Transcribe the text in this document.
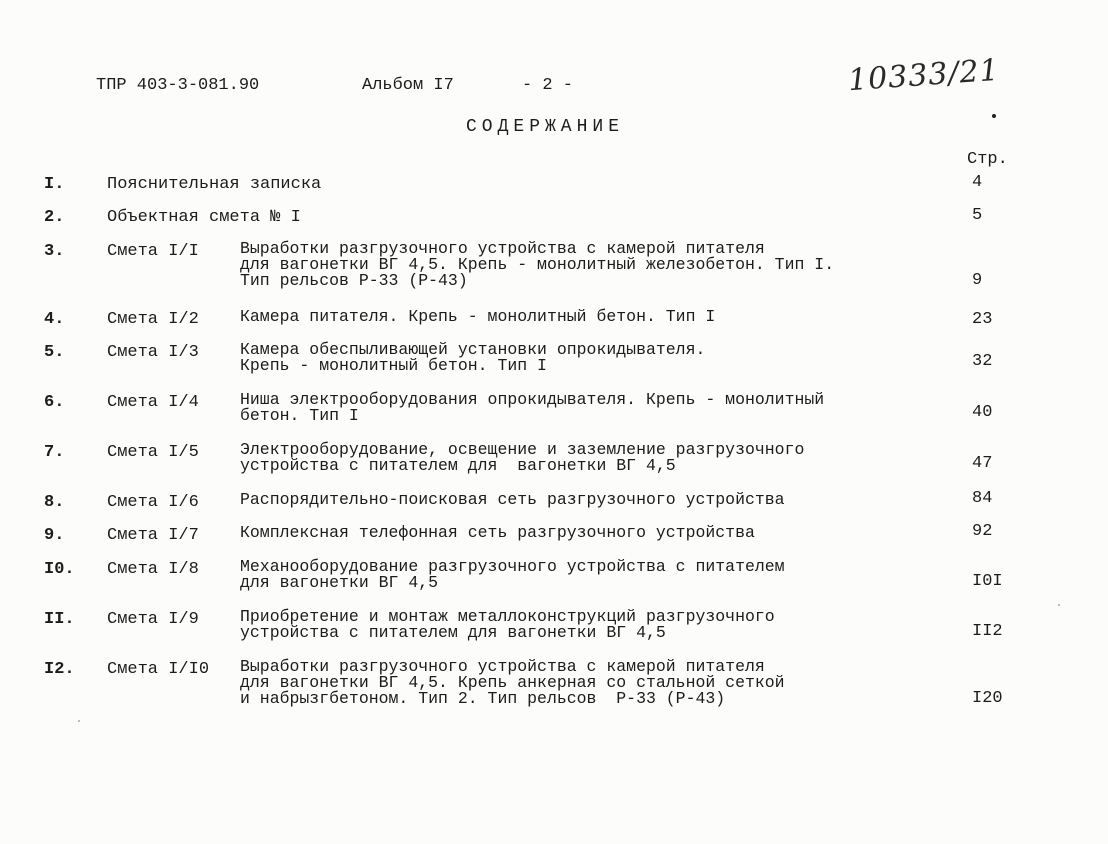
ТПР 403-3-081.90	Альбом I7	- 2 -	10333/21
СОДЕРЖАНИЕ
Стр.
I.	Пояснительная записка	4
2.	Объектная смета № I	5
3.	Смета I/I Выработки разгрузочного устройства с камерой питателя
для вагонетки ВГ 4,5. Крепь - монолитный железобетон. Тип I.
Тип рельсов Р-33 (Р-43)	9
4.	Смета I/2 Камера питателя. Крепь - монолитный бетон. Тип I	23
5.	Смета I/3 Камера обеспыливающей установки опрокидывателя.
Крепь - монолитный бетон. Тип I	32
6.	Смета I/4 Ниша электрооборудования опрокидывателя. Крепь - монолитный
бетон. Тип I	40
7.	Смета I/5 Электрооборудование, освещение и заземление разгрузочного
устройства с питателем для  вагонетки ВГ 4,5	47
8.	Смета I/6 Распорядительно-поисковая сеть разгрузочного устройства	84
9.	Смета I/7 Комплексная телефонная сеть разгрузочного устройства	92
I0. Смета I/8 Механооборудование разгрузочного устройства с питателем
для вагонетки ВГ 4,5	I0I
II. Смета I/9 Приобретение и монтаж металлоконструкций разгрузочного
устройства с питателем для вагонетки ВГ 4,5	II2
I2. Смета I/I0 Выработки разгрузочного устройства с камерой питателя
для вагонетки ВГ 4,5. Крепь анкерная со стальной сеткой
и набрызгбетоном. Тип 2. Тип рельсов  Р-33 (Р-43)	I20
